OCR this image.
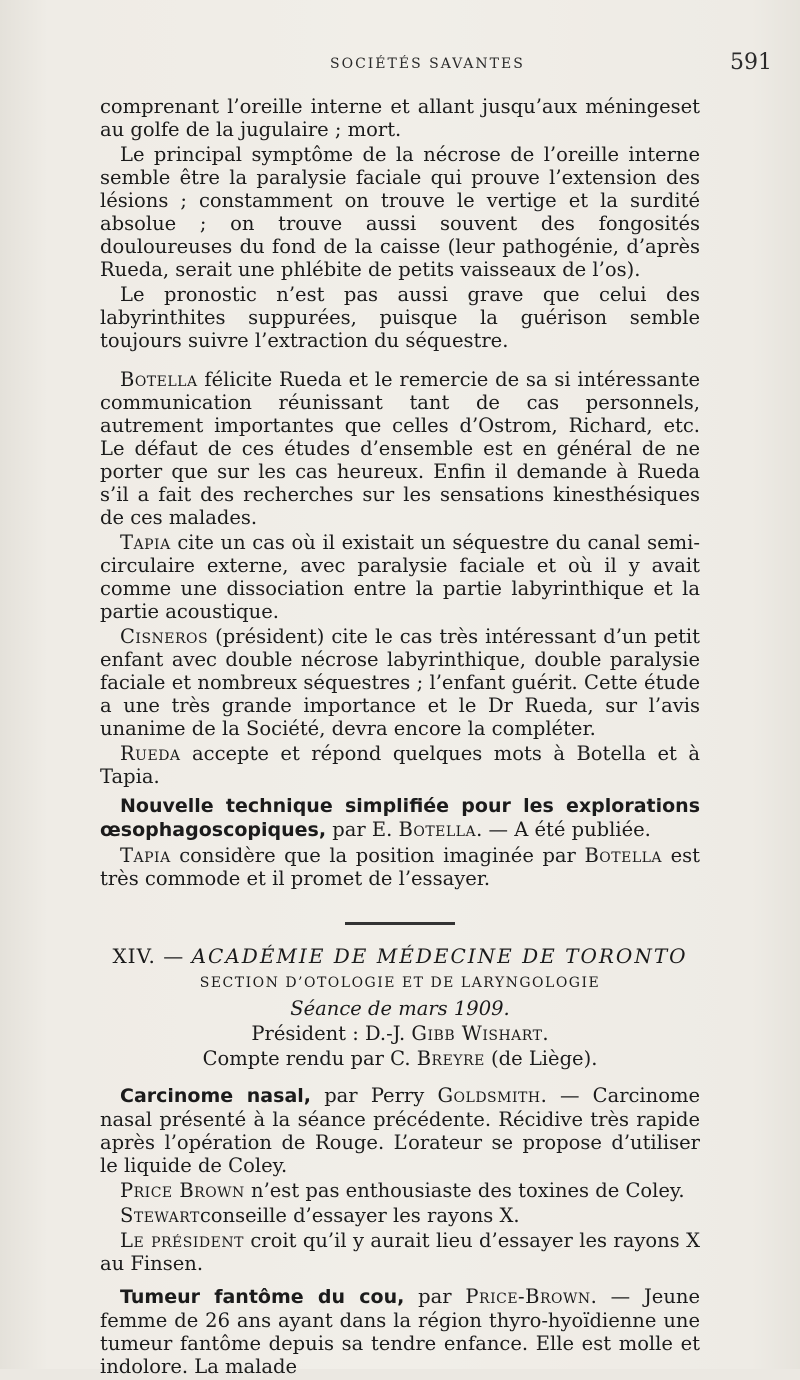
SOCIÉTÉS SAVANTES	591

comprenant l’oreille interne et allant jusqu’aux méningeset au golfe de la jugulaire ; mort.

Le principal symptôme de la nécrose de l’oreille interne semble être la paralysie faciale qui prouve l’extension des lésions ; constamment on trouve le vertige et la surdité absolue ; on trouve aussi souvent des fongosités douloureuses du fond de la caisse (leur pathogénie, d’après Rueda, serait une phlébite de petits vaisseaux de l’os).

Le pronostic n’est pas aussi grave que celui des labyrinthites suppurées, puisque la guérison semble toujours suivre l’extraction du séquestre.

Botella félicite Rueda et le remercie de sa si intéressante communication réunissant tant de cas personnels, autrement importantes que celles d’Ostrom, Richard, etc. Le défaut de ces études d’ensemble est en général de ne porter que sur les cas heureux. Enfin il demande à Rueda s’il a fait des recherches sur les sensations kinesthésiques de ces malades.

Tapia cite un cas où il existait un séquestre du canal semi-circulaire externe, avec paralysie faciale et où il y avait comme une dissociation entre la partie labyrinthique et la partie acoustique.

Cisneros (président) cite le cas très intéressant d’un petit enfant avec double nécrose labyrinthique, double paralysie faciale et nombreux séquestres ; l’enfant guérit. Cette étude a une très grande importance et le Dr Rueda, sur l’avis unanime de la Société, devra encore la compléter.

Rueda accepte et répond quelques mots à Botella et à Tapia.

Nouvelle technique simplifiée pour les explorations œsophagoscopiques, par E. Botella. — A été publiée.

Tapia considère que la position imaginée par Botella est très commode et il promet de l’essayer.

XIV. — ACADÉMIE DE MÉDECINE DE TORONTO

SECTION D’OTOLOGIE ET DE LARYNGOLOGIE

Séance de mars 1909.

Président : D.-J. Gibb Wishart.

Compte rendu par C. Breyre (de Liège).

Carcinome nasal, par Perry Goldsmith. — Carcinome nasal présenté à la séance précédente. Récidive très rapide après l’opération de Rouge. L’orateur se propose d’utiliser le liquide de Coley.

Price Brown n’est pas enthousiaste des toxines de Coley.

Stewartconseille d’essayer les rayons X.

Le président croit qu’il y aurait lieu d’essayer les rayons X au Finsen.

Tumeur fantôme du cou, par Price-Brown. — Jeune femme de 26 ans ayant dans la région thyro-hyoïdienne une tumeur fantôme depuis sa tendre enfance. Elle est molle et indolore. La malade
